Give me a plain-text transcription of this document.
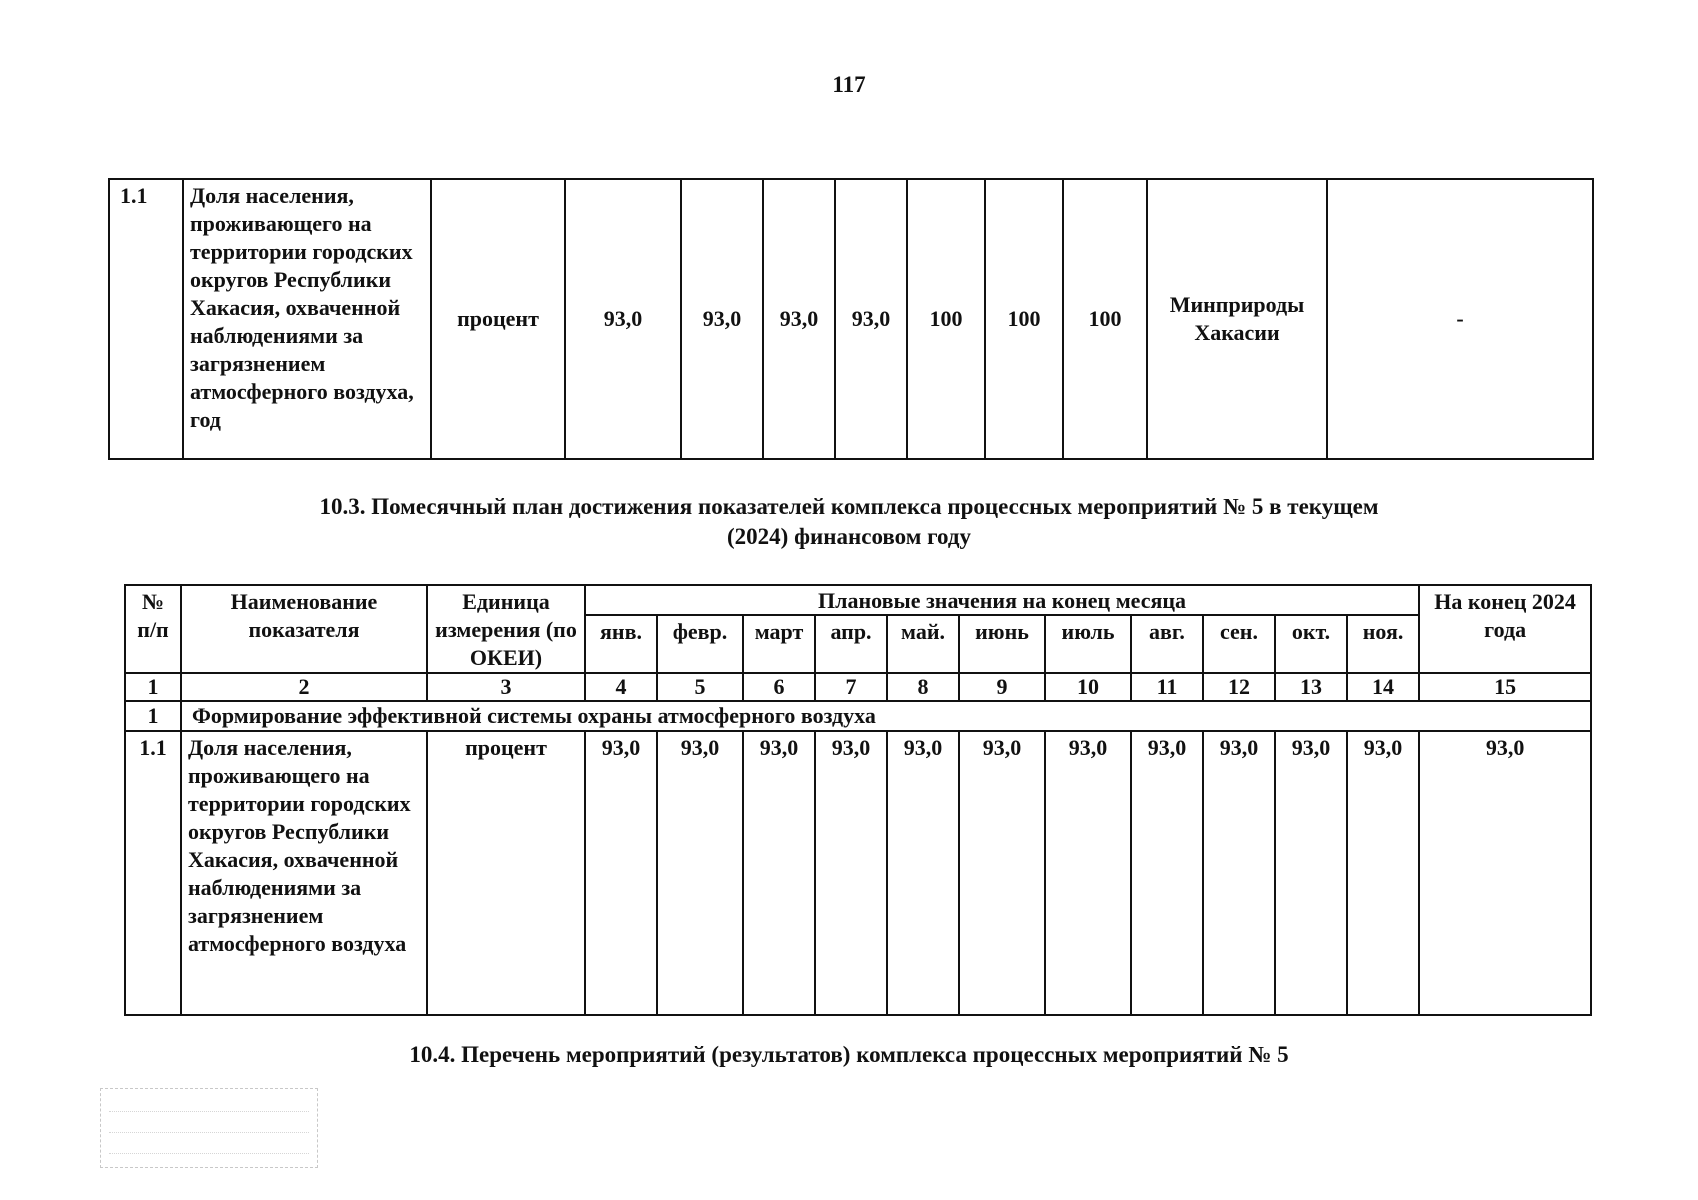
117
1.1	Доля населения, проживающего на территории городских округов Республики Хакасия, охваченной наблюдениями за загрязнением атмосферного воздуха, год	процент	93,0	93,0	93,0	93,0	100	100	100	Минприроды Хакасии	-
10.3. Помесячный план достижения показателей комплекса процессных мероприятий № 5 в текущем
(2024) финансовом году
№ п/п	Наименование показателя	Единица измерения (по ОКЕИ)	Плановые значения на конец месяца											На конец 2024 года
			янв.	февр.	март	апр.	май.	июнь	июль	авг.	сен.	окт.	ноя.	
1	2	3	4	5	6	7	8	9	10	11	12	13	14	15
1	Формирование эффективной системы охраны атмосферного воздуха													
1.1	Доля населения, проживающего на территории городских округов Республики Хакасия, охваченной наблюдениями за загрязнением атмосферного воздуха	процент	93,0	93,0	93,0	93,0	93,0	93,0	93,0	93,0	93,0	93,0	93,0	93,0
10.4. Перечень мероприятий (результатов) комплекса процессных мероприятий № 5
